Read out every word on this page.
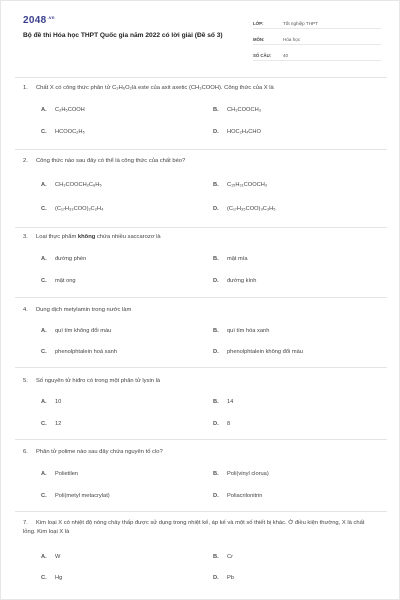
$2048^{.vn}$
Bộ đề thi Hóa học THPT Quốc gia năm 2022 có lời giải (Đề số 3)
LỚP:	Tốt nghiệp THPT
MÔN:	Hóa học
SỐ CÂU:	40
1. Chất X có công thức phân tử C₃H₆O₂là este của axit axetic (CH₃COOH). Công thức của X là
A. C₂H₅COOH	B. CH₃COOCH₃
C. HCOOC₂H₅	D. HOC₂H₄CHO
2. Công thức nào sau đây có thể là công thức của chất béo?
A. CH₃COOCH₂C₆H₅	B. C₁₅H₃₁COOCH₃
C. (C₁₇H₃₃COO)₂C₂H₄	D. (C₁₇H₃₅COO)₃C₃H₅
3. Loại thực phẩm không chứa nhiều saccarozơ là
A. đường phèn	B. mật mía
C. mật ong	D. đường kính
4. Dung dịch metylamin trong nước làm
A. quì tím không đổi màu	B. quì tím hóa xanh
C. phenolphtalein hoá xanh	D. phenolphtalein không đổi màu
5. Số nguyên tử hiđro có trong một phân tử lysin là
A. 10	B. 14
C. 12	D. 8
6. Phân tử polime nào sau đây chứa nguyên tố clo?
A. Polietilen	B. Poli(vinyl clorua)
C. Poli(metyl metacrylat)	D. Poliacrilonitrin
7. Kim loại X có nhiệt độ nóng chảy thấp được sử dụng trong nhiệt kế, áp kế và một số thiết bị khác. Ở điều kiện thường, X là chất lỏng. Kim loại X là
A. W	B. Cr
C. Hg	D. Pb
